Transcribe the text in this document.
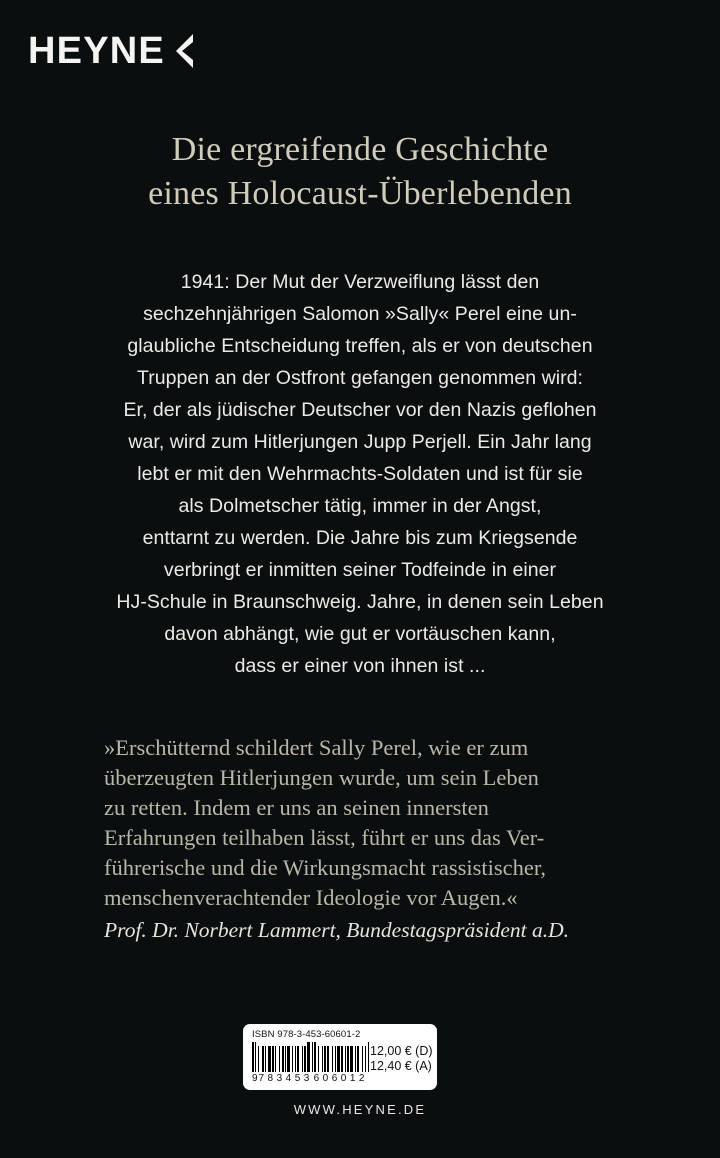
HEYNE
Die ergreifende Geschichte
eines Holocaust-Überlebenden
1941: Der Mut der Verzweiflung lässt den
sechzehnjährigen Salomon »Sally« Perel eine un-
glaubliche Entscheidung treffen, als er von deutschen
Truppen an der Ostfront gefangen genommen wird:
Er, der als jüdischer Deutscher vor den Nazis geflohen
war, wird zum Hitlerjungen Jupp Perjell. Ein Jahr lang
lebt er mit den Wehrmachts-Soldaten und ist für sie
als Dolmetscher tätig, immer in der Angst,
enttarnt zu werden. Die Jahre bis zum Kriegsende
verbringt er inmitten seiner Todfeinde in einer
HJ-Schule in Braunschweig. Jahre, in denen sein Leben
davon abhängt, wie gut er vortäuschen kann,
dass er einer von ihnen ist ...
»Erschütternd schildert Sally Perel, wie er zum
überzeugten Hitlerjungen wurde, um sein Leben
zu retten. Indem er uns an seinen innersten
Erfahrungen teilhaben lässt, führt er uns das Ver-
führerische und die Wirkungsmacht rassistischer,
menschenverachtender Ideologie vor Augen.«
Prof. Dr. Norbert Lammert, Bundestagspräsident a.D.
ISBN 978-3-453-60601-2
9 783453 606012
12,00 € (D)
12,40 € (A)
WWW.HEYNE.DE
